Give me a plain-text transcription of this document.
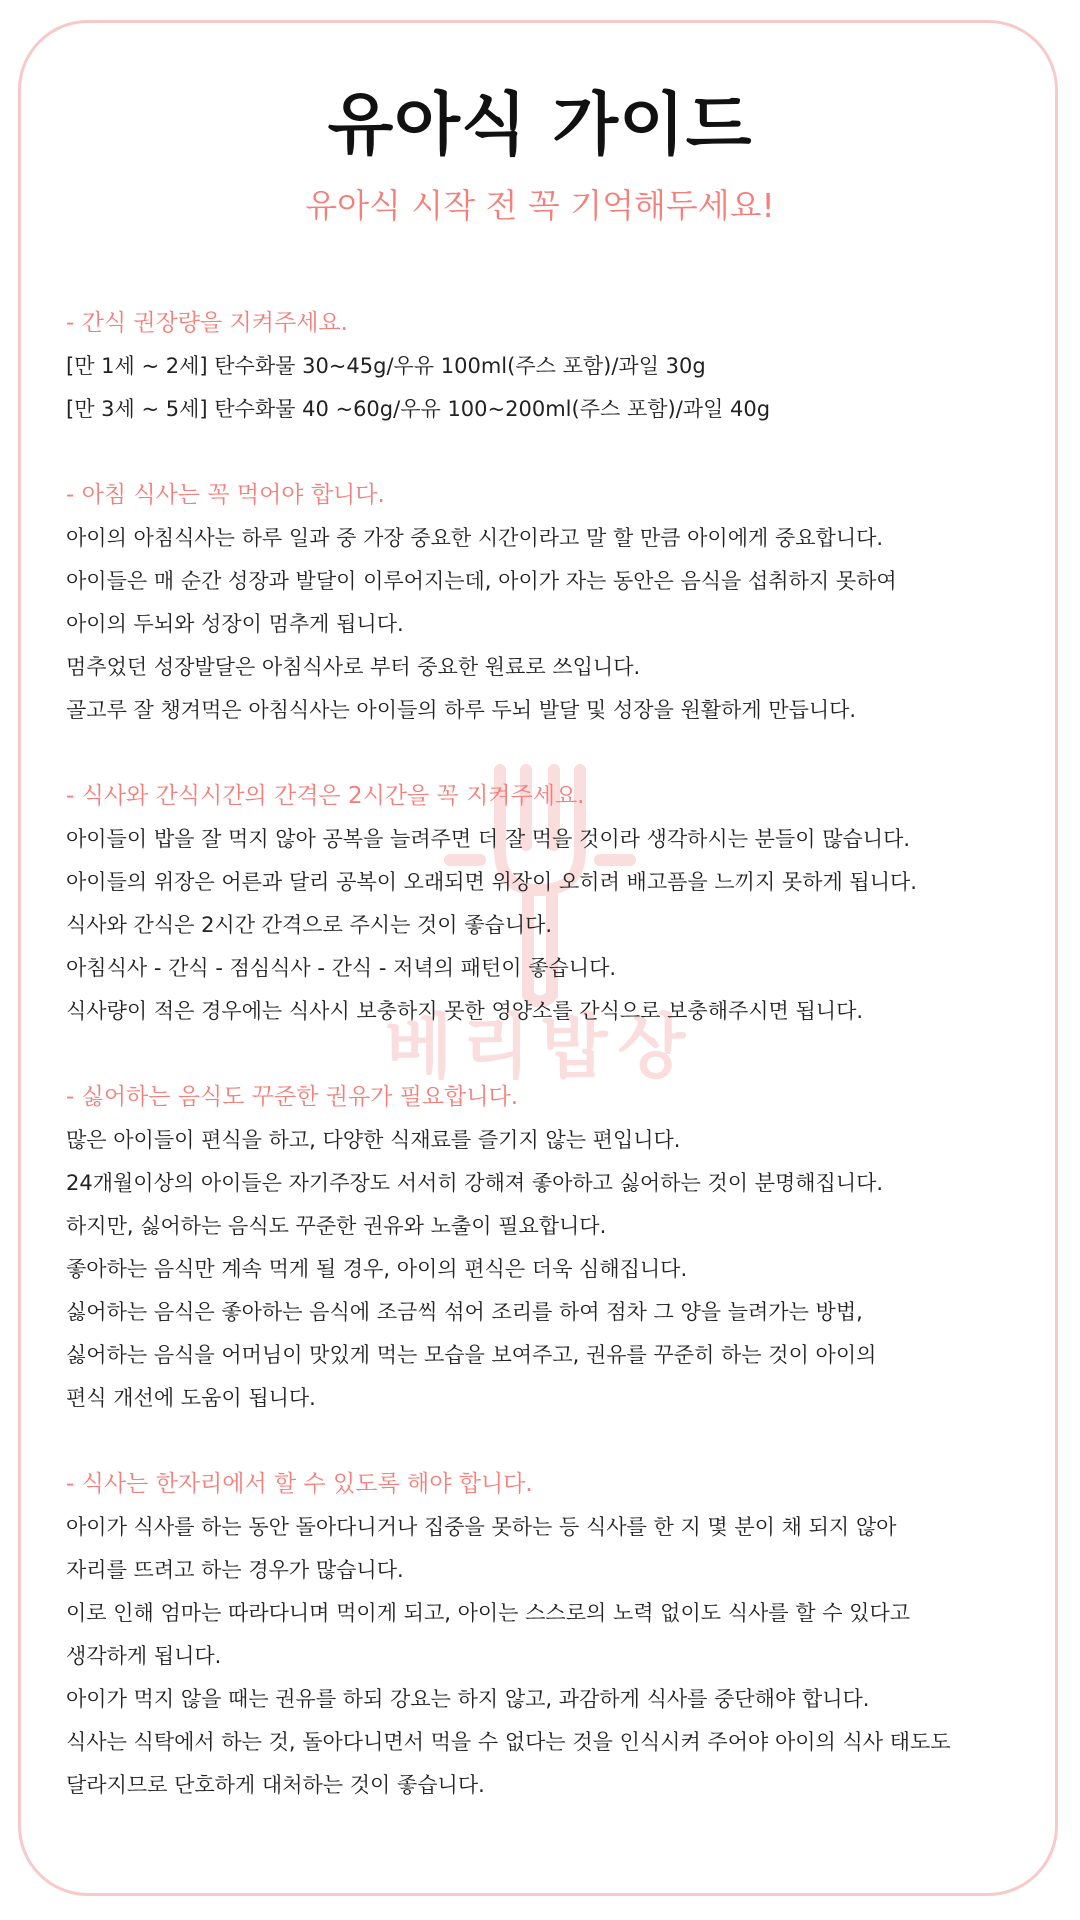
베리밥상
유아식 가이드
유아식 시작 전 꼭 기억해두세요!
- 간식 권장량을 지켜주세요.
[만 1세 ~ 2세] 탄수화물 30~45g/우유 100ml(주스 포함)/과일 30g
[만 3세 ~ 5세] 탄수화물 40 ~60g/우유 100~200ml(주스 포함)/과일 40g
- 아침 식사는 꼭 먹어야 합니다.
아이의 아침식사는 하루 일과 중 가장 중요한 시간이라고 말 할 만큼 아이에게 중요합니다.
아이들은 매 순간 성장과 발달이 이루어지는데, 아이가 자는 동안은 음식을 섭취하지 못하여
아이의 두뇌와 성장이 멈추게 됩니다.
멈추었던 성장발달은 아침식사로 부터 중요한 원료로 쓰입니다.
골고루 잘 챙겨먹은 아침식사는 아이들의 하루 두뇌 발달 및 성장을 원활하게 만듭니다.
- 식사와 간식시간의 간격은 2시간을 꼭 지켜주세요.
아이들이 밥을 잘 먹지 않아 공복을 늘려주면 더 잘 먹을 것이라 생각하시는 분들이 많습니다.
아이들의 위장은 어른과 달리 공복이 오래되면 위장이 오히려 배고픔을 느끼지 못하게 됩니다.
식사와 간식은 2시간 간격으로 주시는 것이 좋습니다.
아침식사 - 간식 - 점심식사 - 간식 - 저녁의 패턴이 좋습니다.
식사량이 적은 경우에는 식사시 보충하지 못한 영양소를 간식으로 보충해주시면 됩니다.
- 싫어하는 음식도 꾸준한 권유가 필요합니다.
많은 아이들이 편식을 하고, 다양한 식재료를 즐기지 않는 편입니다.
24개월이상의 아이들은 자기주장도 서서히 강해져 좋아하고 싫어하는 것이 분명해집니다.
하지만, 싫어하는 음식도 꾸준한 권유와 노출이 필요합니다.
좋아하는 음식만 계속 먹게 될 경우, 아이의 편식은 더욱 심해집니다.
싫어하는 음식은 좋아하는 음식에 조금씩 섞어 조리를 하여 점차 그 양을 늘려가는 방법,
싫어하는 음식을 어머님이 맛있게 먹는 모습을 보여주고, 권유를 꾸준히 하는 것이 아이의
편식 개선에 도움이 됩니다.
- 식사는 한자리에서 할 수 있도록 해야 합니다.
아이가 식사를 하는 동안 돌아다니거나 집중을 못하는 등 식사를 한 지 몇 분이 채 되지 않아
자리를 뜨려고 하는 경우가 많습니다.
이로 인해 엄마는 따라다니며 먹이게 되고, 아이는 스스로의 노력 없이도 식사를 할 수 있다고
생각하게 됩니다.
아이가 먹지 않을 때는 권유를 하되 강요는 하지 않고, 과감하게 식사를 중단해야 합니다.
식사는 식탁에서 하는 것, 돌아다니면서 먹을 수 없다는 것을 인식시켜 주어야 아이의 식사 태도도
달라지므로 단호하게 대처하는 것이 좋습니다.
